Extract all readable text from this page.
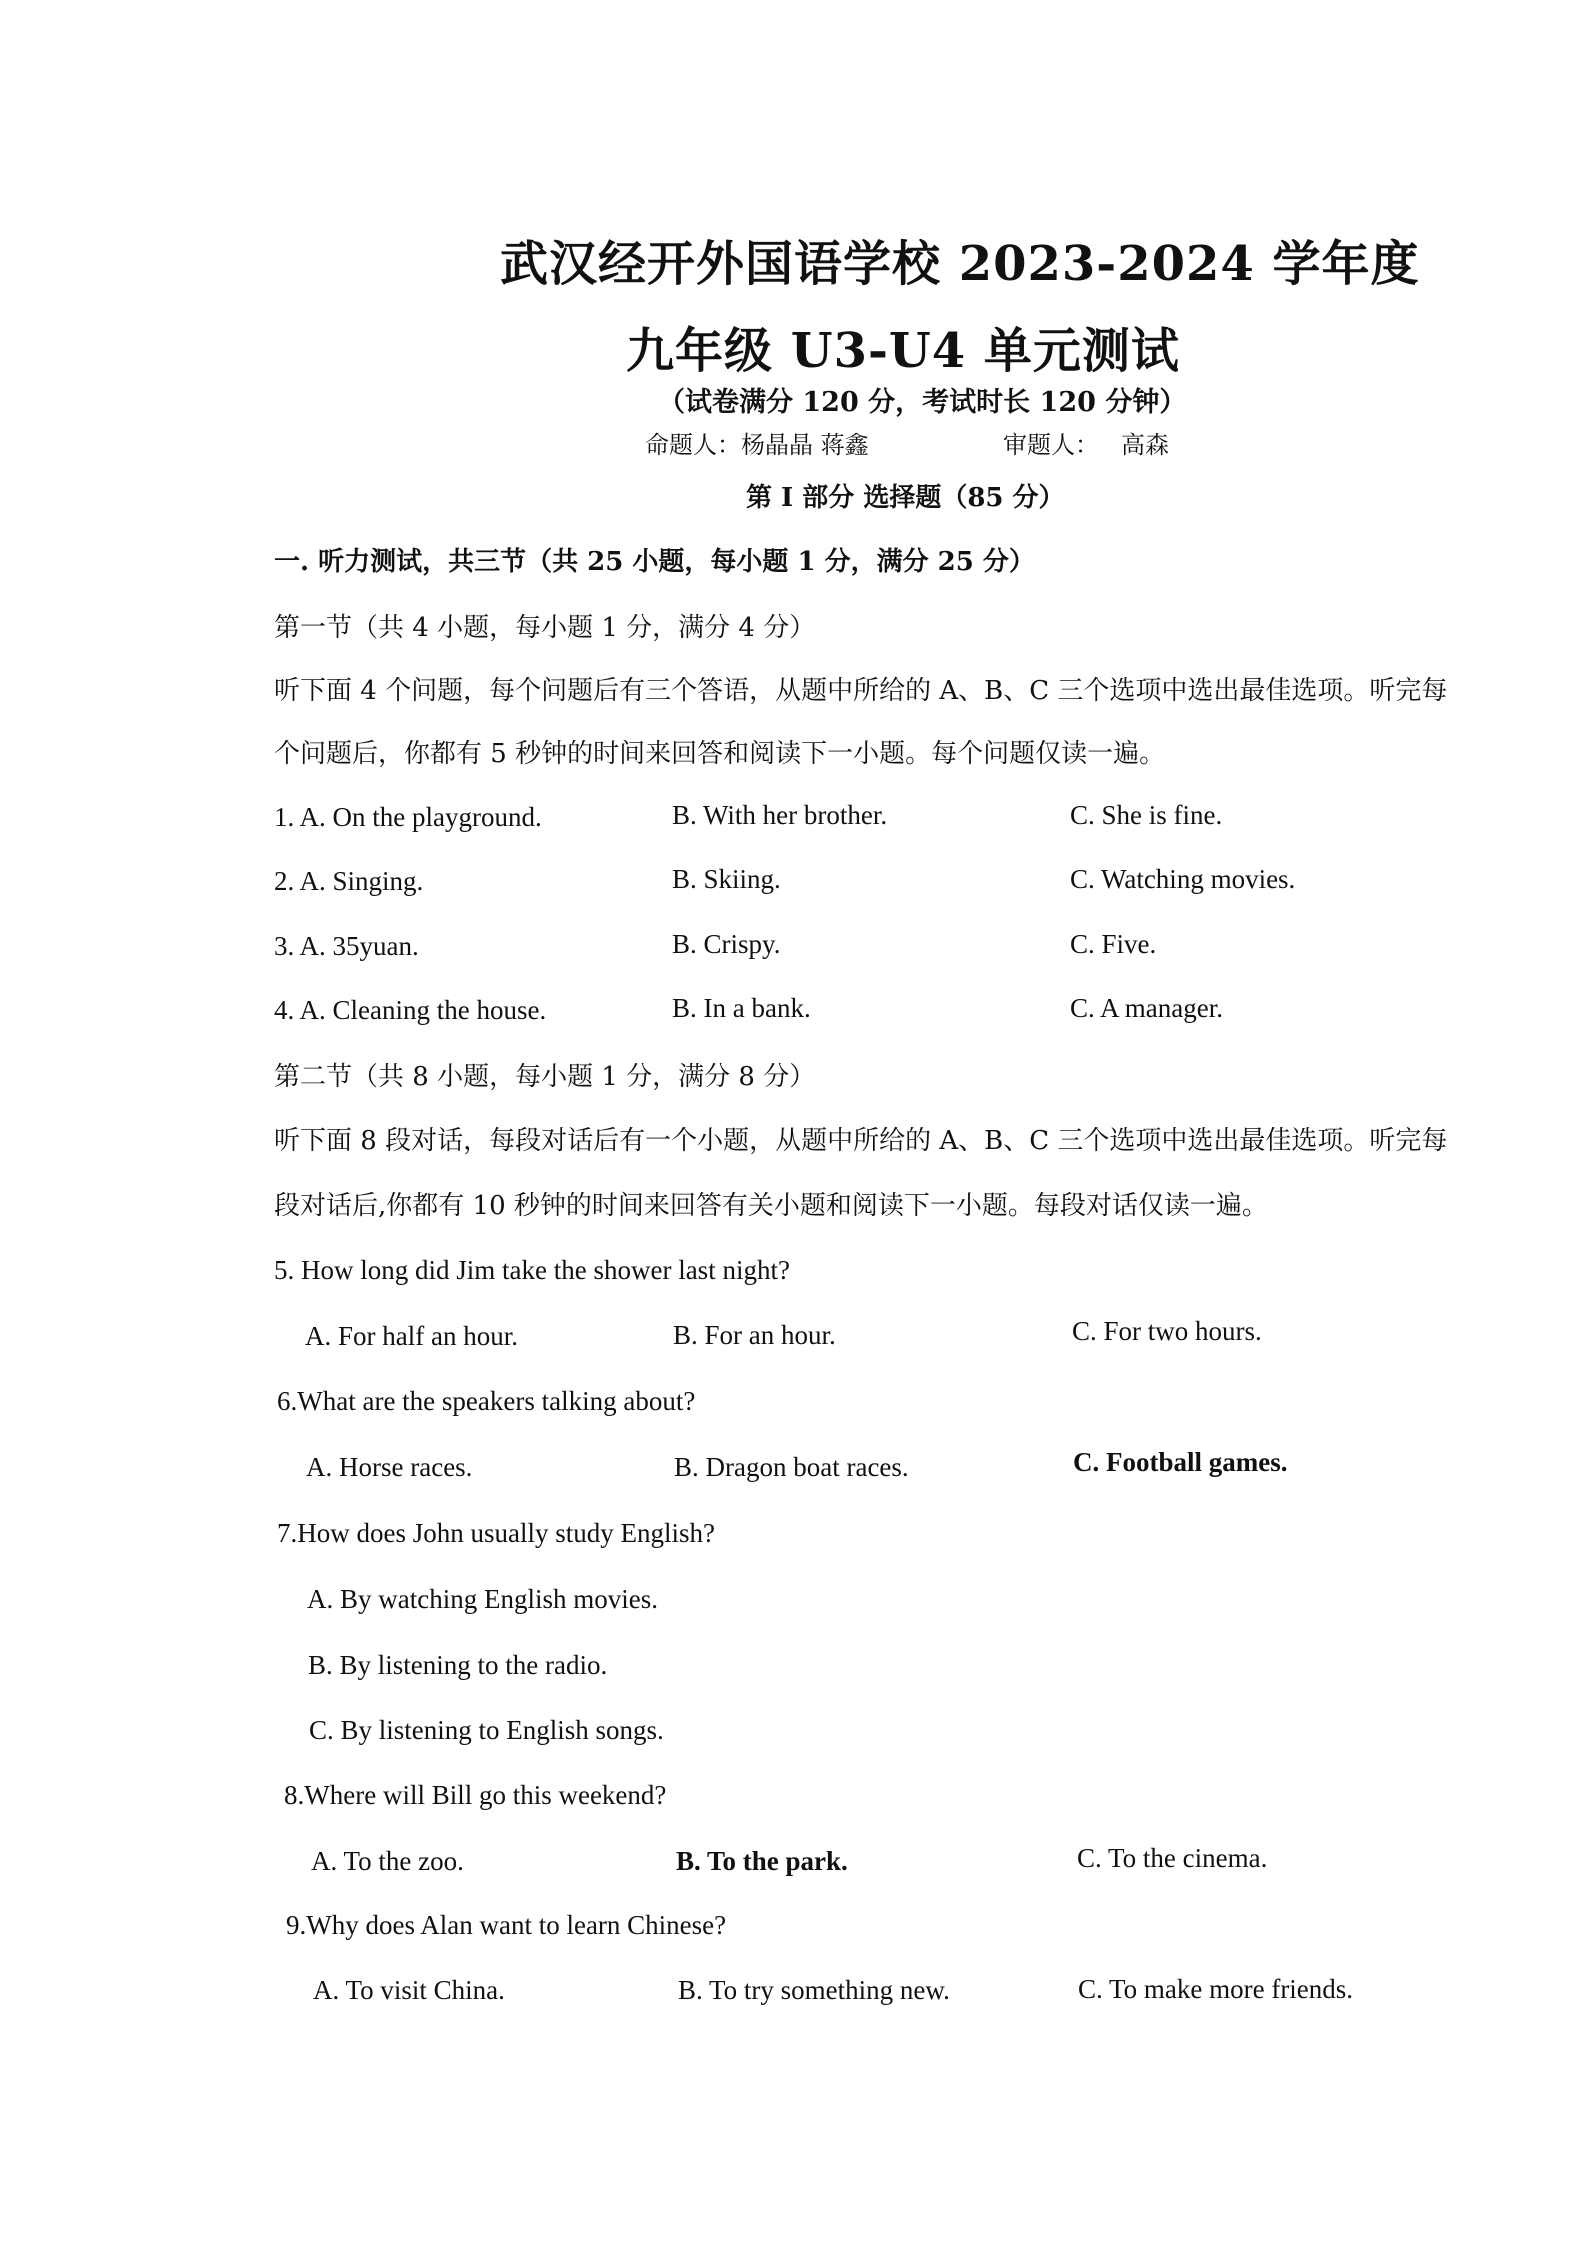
武汉经开外国语学校 2023-2024 学年度
九年级 U3-U4 单元测试
（试卷满分 120 分，考试时长 120 分钟）
命题人：杨晶晶 蒋鑫	审题人： 高森
第 I 部分 选择题（85 分）
一. 听力测试，共三节（共 25 小题，每小题 1 分，满分 25 分）
第一节（共 4 小题，每小题 1 分，满分 4 分）
听下面 4 个问题，每个问题后有三个答语，从题中所给的 A、B、C 三个选项中选出最佳选项。听完每
个问题后，你都有 5 秒钟的时间来回答和阅读下一小题。每个问题仅读一遍。
1. A. On the playground.	B. With her brother.	C. She is fine.
2. A. Singing.	B. Skiing.	C. Watching movies.
3. A. 35yuan.	B. Crispy.	C. Five.
4. A. Cleaning the house.	B. In a bank.	C. A manager.
第二节（共 8 小题，每小题 1 分，满分 8 分）
听下面 8 段对话，每段对话后有一个小题，从题中所给的 A、B、C 三个选项中选出最佳选项。听完每
段对话后,你都有 10 秒钟的时间来回答有关小题和阅读下一小题。每段对话仅读一遍。
5. How long did Jim take the shower last night?
A. For half an hour.	B. For an hour.	C. For two hours.
6.What are the speakers talking about?
A. Horse races.	B. Dragon boat races.	C. Football games.
7.How does John usually study English?
A. By watching English movies.
B. By listening to the radio.
C. By listening to English songs.
8.Where will Bill go this weekend?
A. To the zoo.	B. To the park.	C. To the cinema.
9.Why does Alan want to learn Chinese?
A. To visit China.	B. To try something new.	C. To make more friends.
